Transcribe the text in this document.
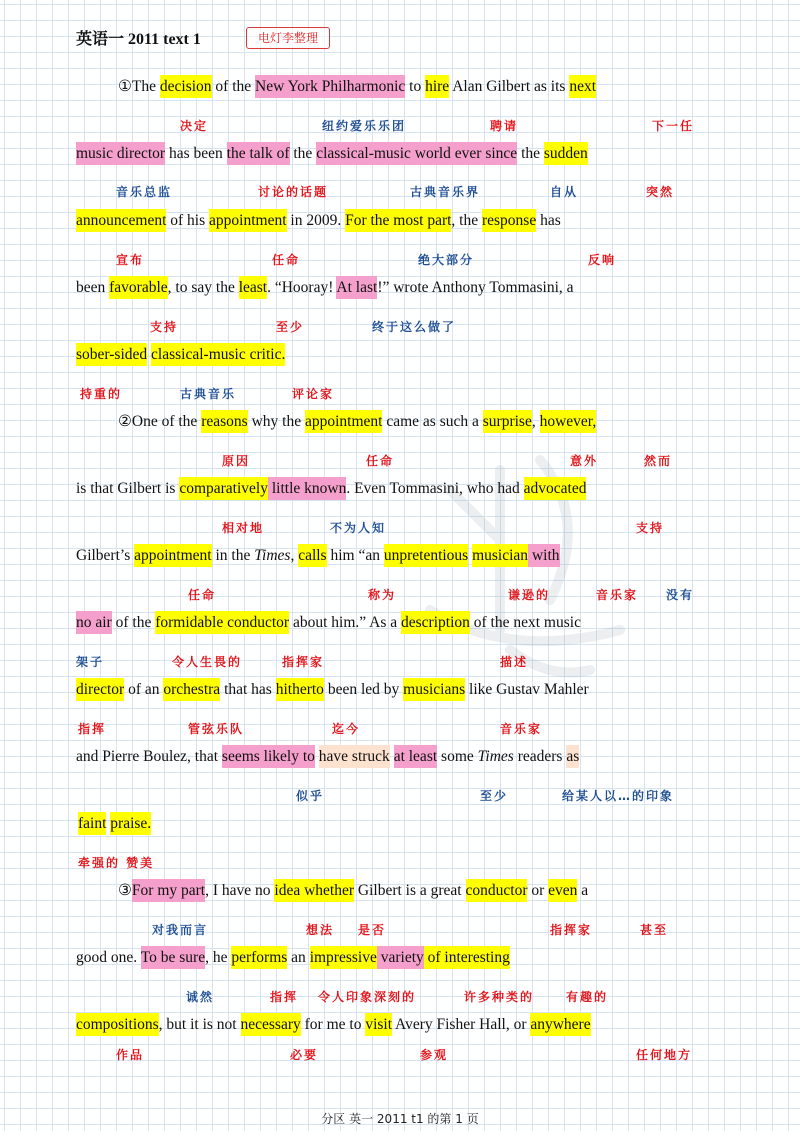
英语一 2011 text 1	电灯李整理
①The decision of the New York Philharmonic to hire Alan Gilbert as its next
music director has been the talk of the classical-music world ever since the sudden
announcement of his appointment in 2009. For the most part, the response has
been favorable, to say the least. “Hooray! At last!” wrote Anthony Tommasini, a
sober-sided classical-music critic.
②One of the reasons why the appointment came as such a surprise, however,
is that Gilbert is comparatively little known. Even Tommasini, who had advocated
Gilbert’s appointment in the Times, calls him “an unpretentious musician with
no air of the formidable conductor about him.” As a description of the next music
director of an orchestra that has hitherto been led by musicians like Gustav Mahler
and Pierre Boulez, that seems likely to have struck at least some Times readers as
faint praise.
③For my part, I have no idea whether Gilbert is a great conductor or even a
good one. To be sure, he performs an impressive variety of interesting
compositions, but it is not necessary for me to visit Avery Fisher Hall, or anywhere
决定	纽约爱乐乐团	聘请	下一任
音乐总监	讨论的话题	古典音乐界	自从	突然
宣布	任命	绝大部分	反响
支持	至少	终于这么做了
持重的	古典音乐	评论家
原因	任命	意外	然而
相对地	不为人知	支持
任命	称为	谦逊的	音乐家 没有
架子	令人生畏的	指挥家	描述
指挥	管弦乐队	迄今	音乐家
似乎	至少	给某人以…的印象
牵强的 赞美
对我而言	想法 是否	指挥家	甚至
诚然	指挥 令人印象深刻的	许多种类的	有趣的
作品	必要	参观	任何地方
分区 英一 2011 t1 的第 1 页
